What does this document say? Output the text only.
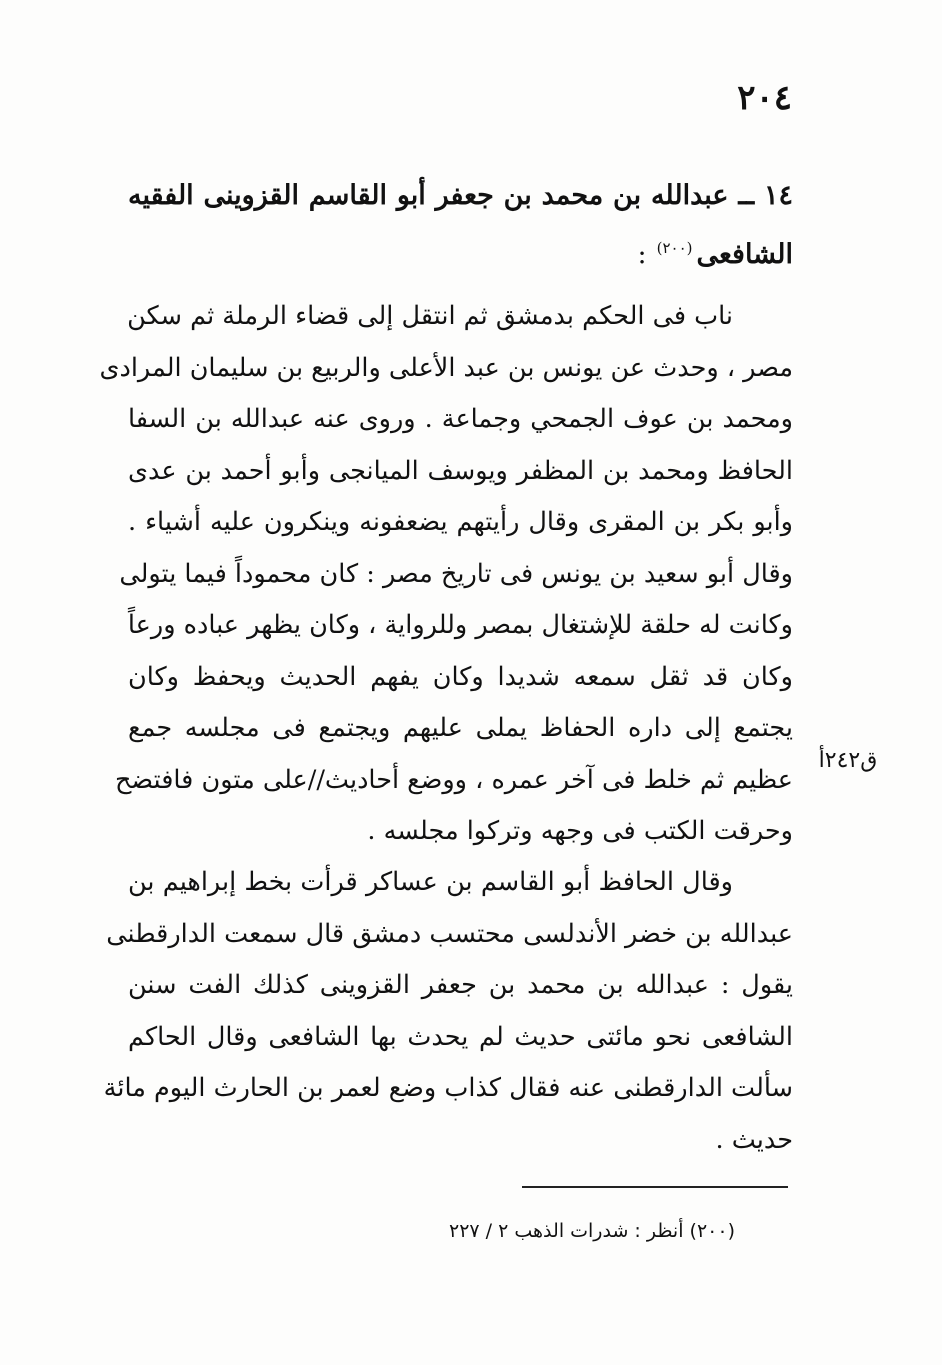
٢٠٤
١٤ ــ عبدالله بن محمد بن جعفر أبو القاسم القزوينى الفقيه الشافعى$^{(٢٠٠)}$:
ناب فى الحكم بدمشق ثم انتقل إلى قضاء الرملة ثم سكن
مصر ، وحدث عن يونس بن عبد الأعلى والربيع بن سليمان المرادى
ومحمد بن عوف الجمحي وجماعة . وروى عنه عبدالله بن السفا
الحافظ ومحمد بن المظفر ويوسف الميانجى وأبو أحمد بن عدى
وأبو بكر بن المقرى وقال رأيتهم يضعفونه وينكرون عليه أشياء .
وقال أبو سعيد بن يونس فى تاريخ مصر : كان محموداً فيما يتولى
وكانت له حلقة للإشتغال بمصر وللرواية ، وكان يظهر عباده ورعاً
وكان قد ثقل سمعه شديدا وكان يفهم الحديث ويحفظ وكان
يجتمع إلى داره الحفاظ يملى عليهم ويجتمع فى مجلسه جمع
عظيم ثم خلط فى آخر عمره ، ووضع أحاديث//على متون فافتضح
وحرقت الكتب فى وجهه وتركوا مجلسه .
ق٢٤٢أ
وقال الحافظ أبو القاسم بن عساكر قرأت بخط إبراهيم بن
عبدالله بن خضر الأندلسى محتسب دمشق قال سمعت الدارقطنى
يقول : عبدالله بن محمد بن جعفر القزوينى كذلك الفت سنن
الشافعى نحو مائتى حديث لم يحدث بها الشافعى وقال الحاكم
سألت الدارقطنى عنه فقال كذاب وضع لعمر بن الحارث اليوم مائة
حديث .
(٢٠٠) أنظر : شدرات الذهب ٢ / ٢٢٧
